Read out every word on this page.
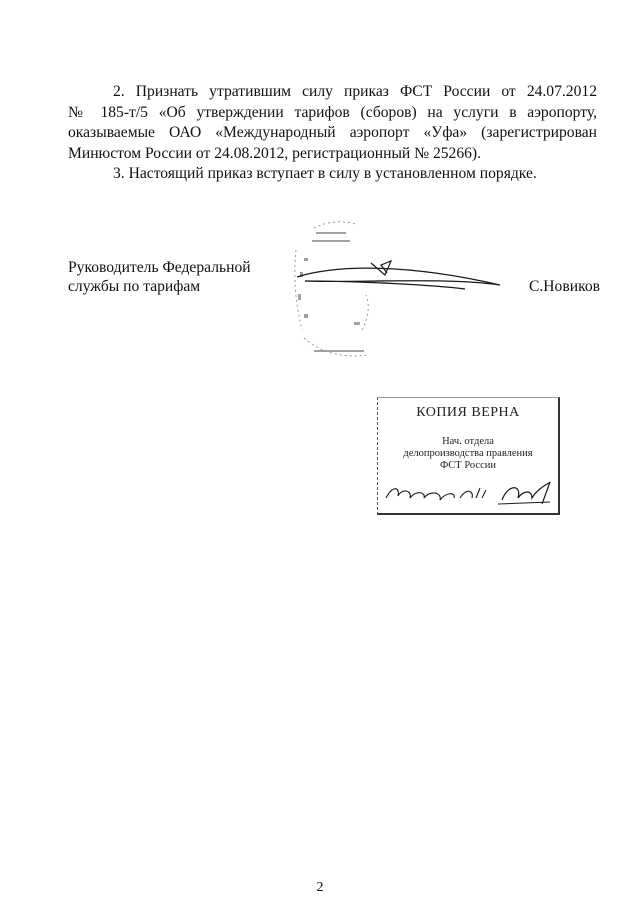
2. Признать утратившим силу приказ ФСТ России от 24.07.2012

№ 185-т/5 «Об утверждении тарифов (сборов) на услуги в аэропорту,

оказываемые ОАО «Международный аэропорт «Уфа» (зарегистрирован

Минюстом России от 24.08.2012, регистрационный № 25266).

3. Настоящий приказ вступает в силу в установленном порядке.

Руководитель Федеральной
службы по тарифам	С.Новиков
КОПИЯ ВЕРНА
Нач. отдела
делопроизводства правления
ФСТ России
2
